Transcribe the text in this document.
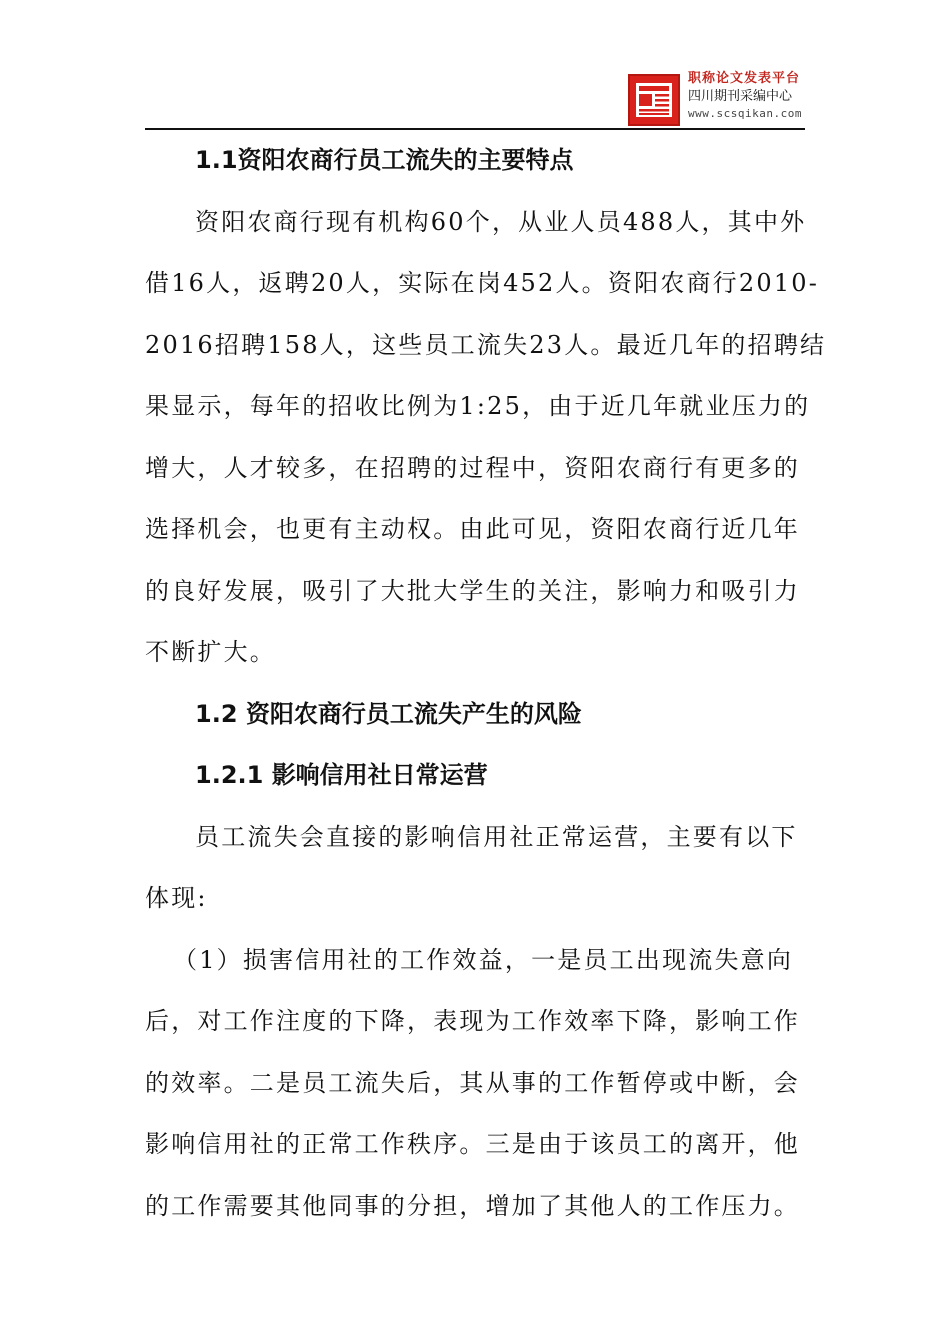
职称论文发表平台
四川期刊采编中心
www.scsqikan.com

1.1资阳农商行员工流失的主要特点

资阳农商行现有机构60个，从业人员488人，其中外

借16人，返聘20人，实际在岗452人。资阳农商行2010-

2016招聘158人，这些员工流失23人。最近几年的招聘结

果显示，每年的招收比例为1:25，由于近几年就业压力的

增大，人才较多，在招聘的过程中，资阳农商行有更多的

选择机会，也更有主动权。由此可见，资阳农商行近几年

的良好发展，吸引了大批大学生的关注，影响力和吸引力

不断扩大。

1.2 资阳农商行员工流失产生的风险

1.2.1 影响信用社日常运营

员工流失会直接的影响信用社正常运营，主要有以下

体现:

（1）损害信用社的工作效益，一是员工出现流失意向

后，对工作注度的下降，表现为工作效率下降，影响工作

的效率。二是员工流失后，其从事的工作暂停或中断，会

影响信用社的正常工作秩序。三是由于该员工的离开，他

的工作需要其他同事的分担，增加了其他人的工作压力。
